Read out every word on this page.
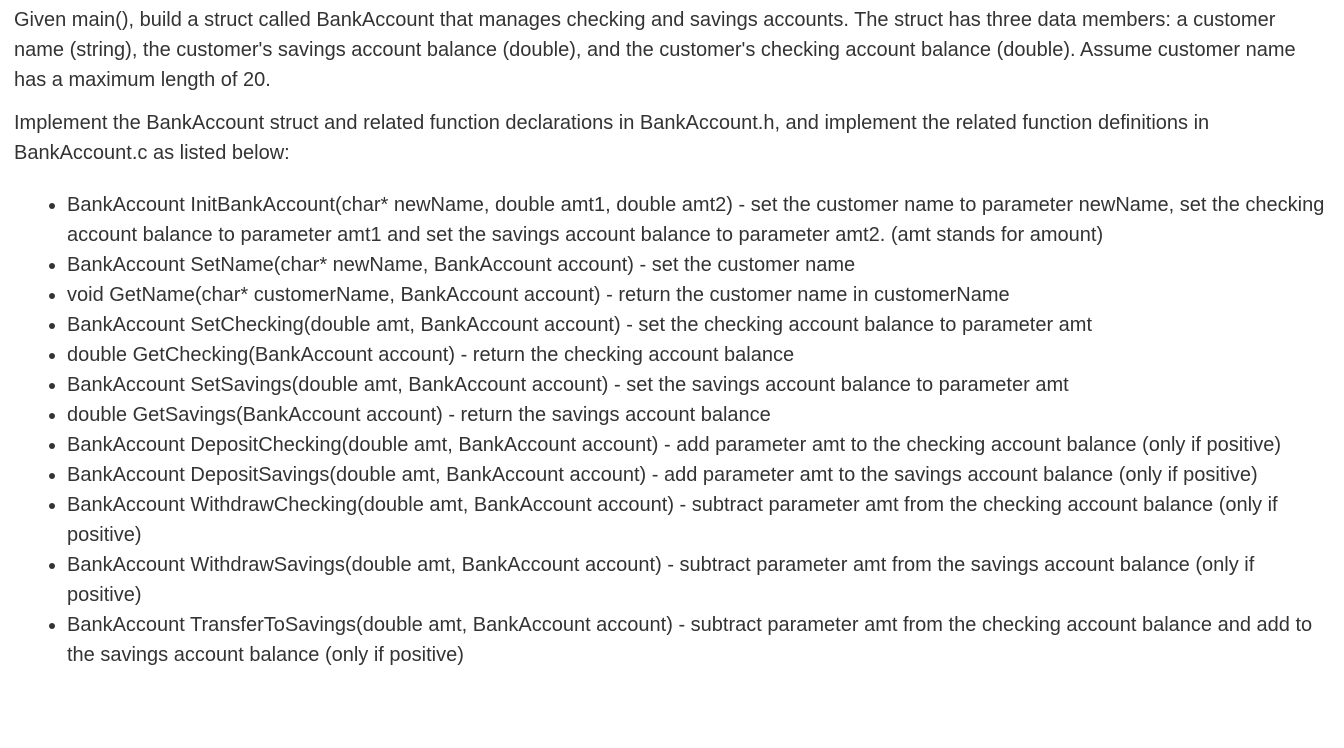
Given main(), build a struct called BankAccount that manages checking and savings accounts. The struct has three data members: a customer name (string), the customer's savings account balance (double), and the customer's checking account balance (double). Assume customer name has a maximum length of 20.

Implement the BankAccount struct and related function declarations in BankAccount.h, and implement the related function definitions in BankAccount.c as listed below:

• BankAccount InitBankAccount(char* newName, double amt1, double amt2) - set the customer name to parameter newName, set the checking account balance to parameter amt1 and set the savings account balance to parameter amt2. (amt stands for amount)
• BankAccount SetName(char* newName, BankAccount account) - set the customer name
• void GetName(char* customerName, BankAccount account) - return the customer name in customerName
• BankAccount SetChecking(double amt, BankAccount account) - set the checking account balance to parameter amt
• double GetChecking(BankAccount account) - return the checking account balance
• BankAccount SetSavings(double amt, BankAccount account) - set the savings account balance to parameter amt
• double GetSavings(BankAccount account) - return the savings account balance
• BankAccount DepositChecking(double amt, BankAccount account) - add parameter amt to the checking account balance (only if positive)
• BankAccount DepositSavings(double amt, BankAccount account) - add parameter amt to the savings account balance (only if positive)
• BankAccount WithdrawChecking(double amt, BankAccount account) - subtract parameter amt from the checking account balance (only if positive)
• BankAccount WithdrawSavings(double amt, BankAccount account) - subtract parameter amt from the savings account balance (only if positive)
• BankAccount TransferToSavings(double amt, BankAccount account) - subtract parameter amt from the checking account balance and add to the savings account balance (only if positive)
